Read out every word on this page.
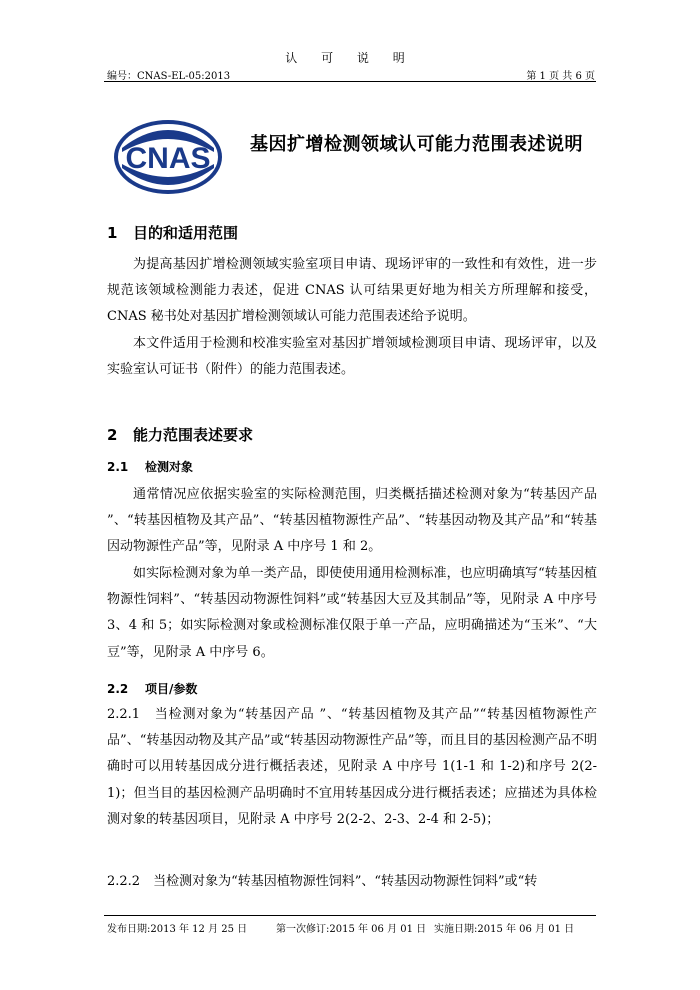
认 可 说 明
编号：CNAS-EL-05:2013	第 1 页 共 6 页
CNAS 基因扩增检测领域认可能力范围表述说明
1 目的和适用范围
为提高基因扩增检测领域实验室项目申请、现场评审的一致性和有效性，进一步规范该领域检测能力表述，促进 CNAS 认可结果更好地为相关方所理解和接受，CNAS 秘书处对基因扩增检测领域认可能力范围表述给予说明。
本文件适用于检测和校准实验室对基因扩增领域检测项目申请、现场评审，以及实验室认可证书（附件）的能力范围表述。
2 能力范围表述要求
2.1 检测对象
通常情况应依据实验室的实际检测范围，归类概括描述检测对象为“转基因产品 ”、“转基因植物及其产品”、“转基因植物源性产品”、“转基因动物及其产品”和“转基因动物源性产品”等，见附录 A 中序号 1 和 2。
如实际检测对象为单一类产品，即使使用通用检测标准，也应明确填写“转基因植物源性饲料”、“转基因动物源性饲料”或“转基因大豆及其制品”等，见附录 A 中序号 3、4 和 5；如实际检测对象或检测标准仅限于单一产品，应明确描述为“玉米”、“大豆”等，见附录 A 中序号 6。
2.2 项目/参数
2.2.1　当检测对象为“转基因产品 ”、“转基因植物及其产品”“转基因植物源性产品”、“转基因动物及其产品”或“转基因动物源性产品”等，而且目的基因检测产品不明确时可以用转基因成分进行概括表述，见附录 A 中序号 1(1-1 和 1-2)和序号 2(2-1)；但当目的基因检测产品明确时不宜用转基因成分进行概括表述；应描述为具体检测对象的转基因项目，见附录 A 中序号 2(2-2、2-3、2-4 和 2-5)；
2.2.2　当检测对象为“转基因植物源性饲料”、“转基因动物源性饲料”或“转
发布日期:2013 年 12 月 25 日	第一次修订:2015 年 06 月 01 日 实施日期:2015 年 06 月 01 日
